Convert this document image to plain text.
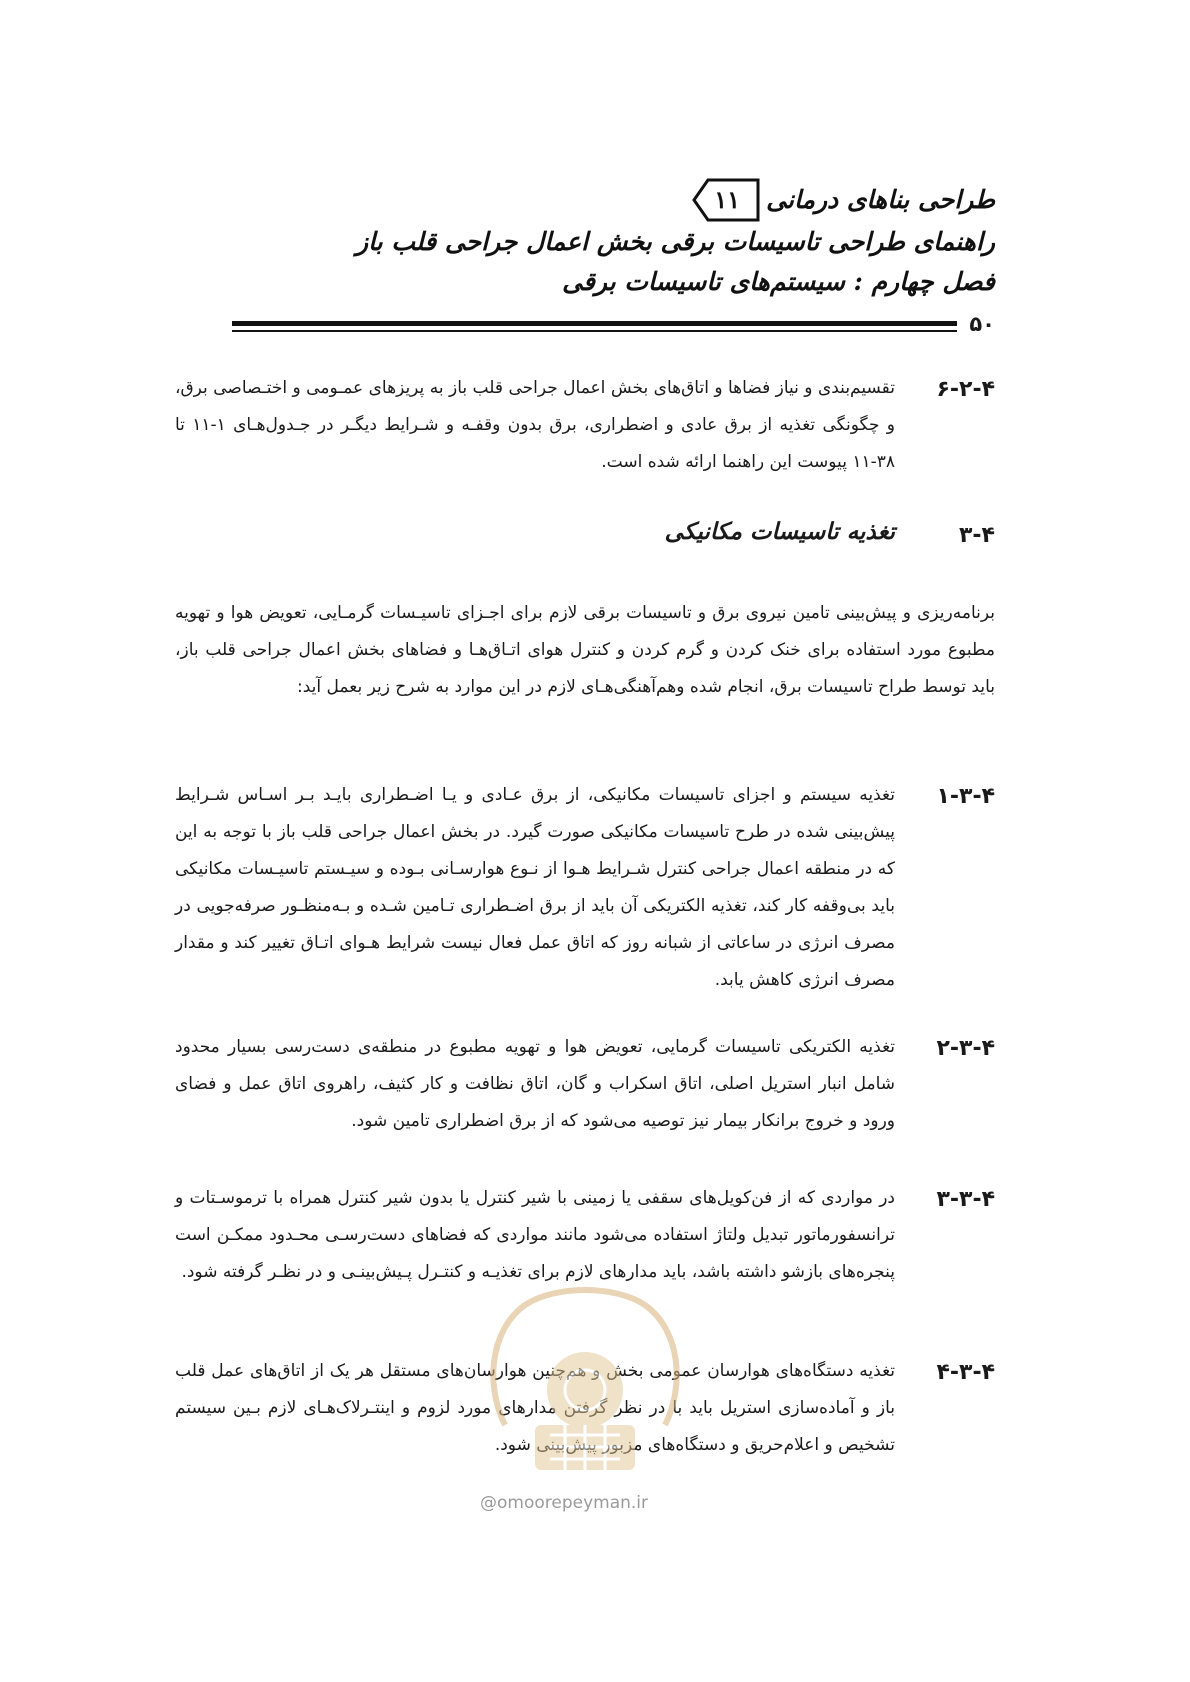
طراحی بناهای درمانی
۱۱
راهنمای طراحی تاسیسات برقی بخش اعمال جراحی قلب باز
فصل چهارم : سیستم‌های تاسیسات برقی
۵۰
۶-۲-۴
تقسیم‌بندی و نیاز فضاها و اتاق‌های بخش اعمال جراحی قلب باز به پریزهای عمـومی و اختـصاصی برق، و چگونگی تغذیه از برق عادی و اضطراری، برق بدون وقفـه و شـرایط دیگـر در جـدول‌هـای ۱-۱۱ تا ۳۸-۱۱ پیوست این راهنما ارائه شده است.
۳-۴
تغذیه تاسیسات مکانیکی
برنامه‌ریزی و پیش‌بینی تامین نیروی برق و تاسیسات برقی لازم برای اجـزای تاسیـسات گرمـایی، تعویض هوا و تهویه مطبوع مورد استفاده برای خنک کردن و گرم کردن و کنترل هوای اتـاق‌هـا و فضاهای بخش اعمال جراحی قلب باز، باید توسط طراح تاسیسات برق، انجام شده وهم‌آهنگی‌هـای لازم در این موارد به شرح زیر بعمل آید:
۱-۳-۴
تغذیه سیستم و اجزای تاسیسات مکانیکی، از برق عـادی و یـا اضـطراری بایـد بـر اسـاس شـرایط پیش‌بینی شده در طرح تاسیسات مکانیکی صورت گیرد. در بخش اعمال جراحی قلب باز با توجه به این که در منطقه اعمال جراحی کنترل شـرایط هـوا از نـوع هوارسـانی بـوده و سیـستم تاسیـسات مکانیکی باید بی‌وقفه کار کند، تغذیه الکتریکی آن باید از برق اضـطراری تـامین شـده و بـه‌منظـور صرفه‌جویی در مصرف انرژی در ساعاتی از شبانه روز که اتاق عمل فعال نیست شرایط هـوای اتـاق تغییر کند و مقدار مصرف انرژی کاهش یابد.
۲-۳-۴
تغذیه الکتریکی تاسیسات گرمایی، تعویض هوا و تهویه مطبوع در منطقه‌ی دست‌رسی بسیار محدود شامل انبار استریل اصلی، اتاق اسکراب و گان، اتاق نظافت و کار کثیف، راهروی اتاق عمل و فضای ورود و خروج برانکار بیمار نیز توصیه می‌شود که از برق اضطراری تامین شود.
۳-۳-۴
در مواردی که از فن‌کویل‌های سقفی یا زمینی با شیر کنترل یا بدون شیر کنترل همراه با ترموسـتات و ترانسفورماتور تبدیل ولتاژ استفاده می‌شود مانند مواردی که فضاهای دست‌رسـی محـدود ممکـن است پنجره‌های بازشو داشته باشد، باید مدارهای لازم برای تغذیـه و کنتـرل پـیش‌بینـی و در نظـر گرفته شود.
۴-۳-۴
تغذیه دستگاه‌های هوارسان عمومی بخش و هم‌چنین هوارسان‌های مستقل هر یک از اتاق‌های عمل قلب باز و آماده‌سازی استریل باید با در نظر گرفتن مدارهای مورد لزوم و اینتـرلاک‌هـای لازم بـین سیستم تشخیص و اعلام‌حریق و دستگاه‌های مزبور پیش‌بینی شود.
@omoorepeyman.ir
